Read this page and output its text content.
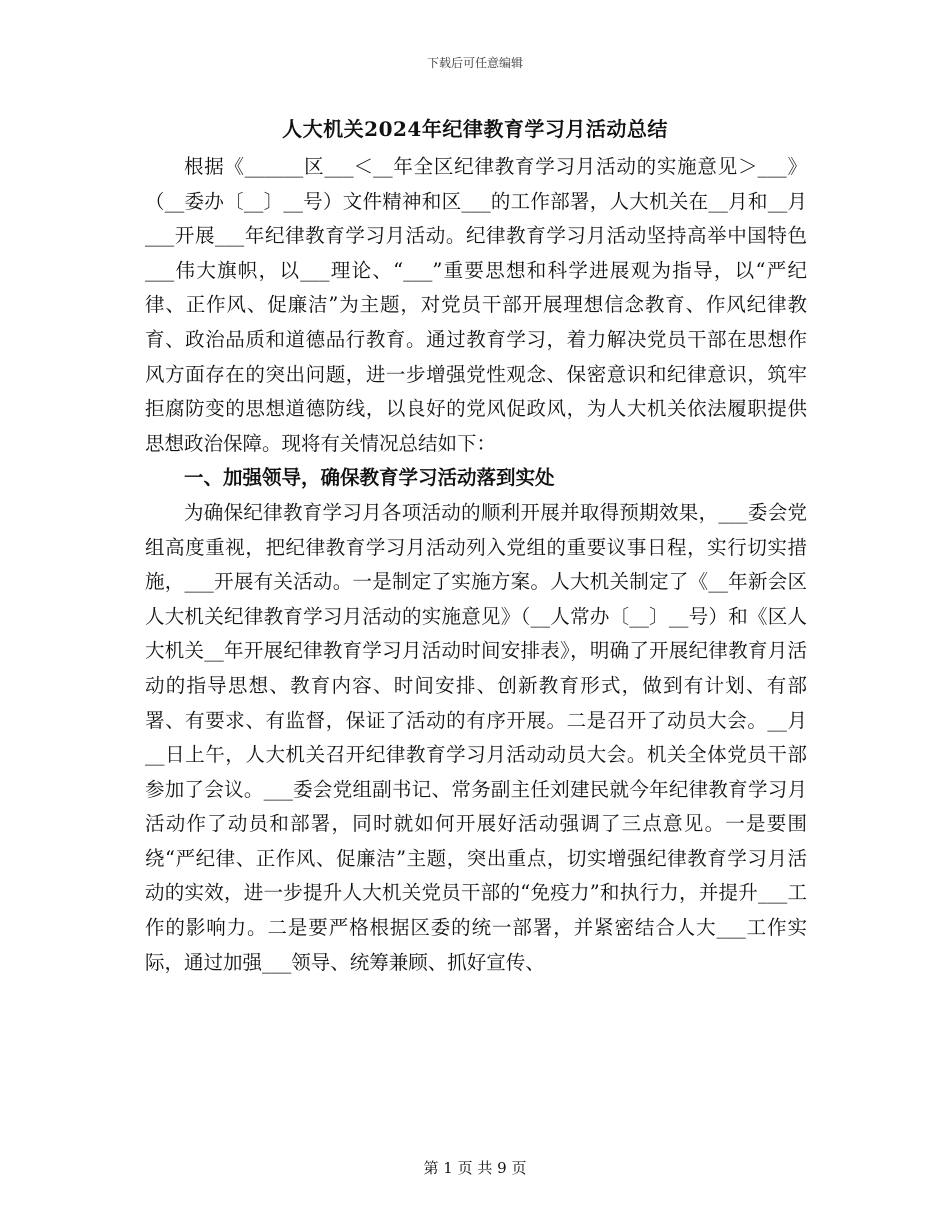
下载后可任意编辑
人大机关2024年纪律教育学习月活动总结

根据《______区___＜__年全区纪律教育学习月活动的实施意见＞___》（__委办〔__〕__号）文件精神和区___的工作部署，人大机关在__月和__月___开展___年纪律教育学习月活动。纪律教育学习月活动坚持高举中国特色___伟大旗帜，以___理论、“___”重要思想和科学进展观为指导，以“严纪律、正作风、促廉洁”为主题，对党员干部开展理想信念教育、作风纪律教育、政治品质和道德品行教育。通过教育学习，着力解决党员干部在思想作风方面存在的突出问题，进一步增强党性观念、保密意识和纪律意识，筑牢拒腐防变的思想道德防线，以良好的党风促政风，为人大机关依法履职提供思想政治保障。现将有关情况总结如下：

一、加强领导，确保教育学习活动落到实处

为确保纪律教育学习月各项活动的顺利开展并取得预期效果，___委会党组高度重视，把纪律教育学习月活动列入党组的重要议事日程，实行切实措施，___开展有关活动。一是制定了实施方案。人大机关制定了《__年新会区人大机关纪律教育学习月活动的实施意见》（__人常办〔__〕__号）和《区人大机关__年开展纪律教育学习月活动时间安排表》，明确了开展纪律教育月活动的指导思想、教育内容、时间安排、创新教育形式，做到有计划、有部署、有要求、有监督，保证了活动的有序开展。二是召开了动员大会。__月__日上午，人大机关召开纪律教育学习月活动动员大会。机关全体党员干部参加了会议。___委会党组副书记、常务副主任刘建民就今年纪律教育学习月活动作了动员和部署，同时就如何开展好活动强调了三点意见。一是要围绕“严纪律、正作风、促廉洁”主题，突出重点，切实增强纪律教育学习月活动的实效，进一步提升人大机关党员干部的“免疫力”和执行力，并提升___工作的影响力。二是要严格根据区委的统一部署，并紧密结合人大___工作实际，通过加强___领导、统筹兼顾、抓好宣传、

第 1 页 共 9 页
